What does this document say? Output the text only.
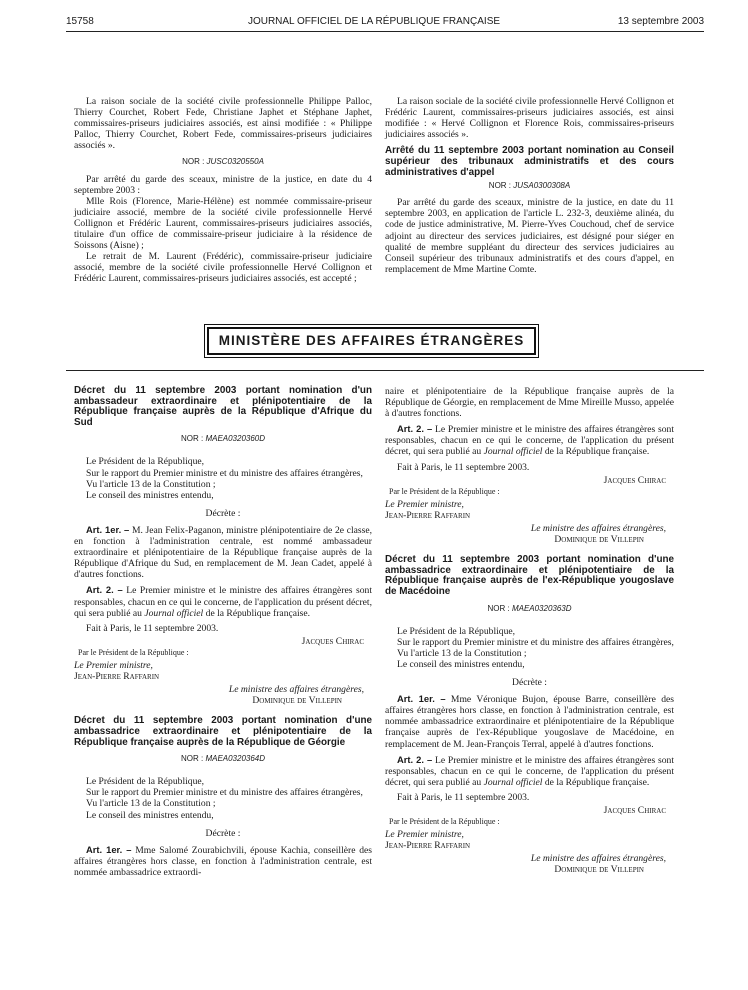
15758	JOURNAL OFFICIEL DE LA RÉPUBLIQUE FRANÇAISE	13 septembre 2003

La raison sociale de la société civile professionnelle Philippe Palloc, Thierry Courchet, Robert Fede, Christiane Japhet et Stéphane Japhet, commissaires-priseurs judiciaires associés, est ainsi modifiée : « Philippe Palloc, Thierry Courchet, Robert Fede, commissaires-priseurs judiciaires associés ».

NOR : JUSC0320550A

Par arrêté du garde des sceaux, ministre de la justice, en date du 4 septembre 2003 :

Mlle Rois (Florence, Marie-Hélène) est nommée commissaire-priseur judiciaire associé, membre de la société civile professionnelle Hervé Collignon et Frédéric Laurent, commissaires-priseurs judiciaires associés, titulaire d'un office de commissaire-priseur judiciaire à la résidence de Soissons (Aisne) ;

Le retrait de M. Laurent (Frédéric), commissaire-priseur judiciaire associé, membre de la société civile professionnelle Hervé Collignon et Frédéric Laurent, commissaires-priseurs judiciaires associés, est accepté ;

La raison sociale de la société civile professionnelle Hervé Collignon et Frédéric Laurent, commissaires-priseurs judiciaires associés, est ainsi modifiée : « Hervé Collignon et Florence Rois, commissaires-priseurs judiciaires associés ».

Arrêté du 11 septembre 2003 portant nomination au Conseil supérieur des tribunaux administratifs et des cours administratives d'appel

NOR : JUSA0300308A

Par arrêté du garde des sceaux, ministre de la justice, en date du 11 septembre 2003, en application de l'article L. 232-3, deuxième alinéa, du code de justice administrative, M. Pierre-Yves Couchoud, chef de service adjoint au directeur des services judiciaires, est désigné pour siéger en qualité de membre suppléant du directeur des services judiciaires au Conseil supérieur des tribunaux administratifs et des cours d'appel, en remplacement de Mme Martine Comte.

MINISTÈRE DES AFFAIRES ÉTRANGÈRES

Décret du 11 septembre 2003 portant nomination d'un ambassadeur extraordinaire et plénipotentiaire de la République française auprès de la République d'Afrique du Sud

NOR : MAEA0320360D

Le Président de la République,

Sur le rapport du Premier ministre et du ministre des affaires étrangères,

Vu l'article 13 de la Constitution ;

Le conseil des ministres entendu,

Décrète :

Art. 1er. – M. Jean Felix-Paganon, ministre plénipotentiaire de 2e classe, en fonction à l'administration centrale, est nommé ambassadeur extraordinaire et plénipotentiaire de la République française auprès de la République d'Afrique du Sud, en remplacement de M. Jean Cadet, appelé à d'autres fonctions.

Art. 2. – Le Premier ministre et le ministre des affaires étrangères sont responsables, chacun en ce qui le concerne, de l'application du présent décret, qui sera publié au Journal officiel de la République française.

Fait à Paris, le 11 septembre 2003.

Jacques Chirac

Par le Président de la République :

Le Premier ministre,

Jean-Pierre Raffarin

Le ministre des affaires étrangères,

Dominique de Villepin

Décret du 11 septembre 2003 portant nomination d'une ambassadrice extraordinaire et plénipotentiaire de la République française auprès de la République de Géorgie

NOR : MAEA0320364D

Le Président de la République,

Sur le rapport du Premier ministre et du ministre des affaires étrangères,

Vu l'article 13 de la Constitution ;

Le conseil des ministres entendu,

Décrète :

Art. 1er. – Mme Salomé Zourabichvili, épouse Kachia, conseillère des affaires étrangères hors classe, en fonction à l'administration centrale, est nommée ambassadrice extraordi-

naire et plénipotentiaire de la République française auprès de la République de Géorgie, en remplacement de Mme Mireille Musso, appelée à d'autres fonctions.

Art. 2. – Le Premier ministre et le ministre des affaires étrangères sont responsables, chacun en ce qui le concerne, de l'application du présent décret, qui sera publié au Journal officiel de la République française.

Fait à Paris, le 11 septembre 2003.

Jacques Chirac

Par le Président de la République :

Le Premier ministre,

Jean-Pierre Raffarin

Le ministre des affaires étrangères,

Dominique de Villepin

Décret du 11 septembre 2003 portant nomination d'une ambassadrice extraordinaire et plénipotentiaire de la République française auprès de l'ex-République yougoslave de Macédoine

NOR : MAEA0320363D

Le Président de la République,

Sur le rapport du Premier ministre et du ministre des affaires étrangères,

Vu l'article 13 de la Constitution ;

Le conseil des ministres entendu,

Décrète :

Art. 1er. – Mme Véronique Bujon, épouse Barre, conseillère des affaires étrangères hors classe, en fonction à l'administration centrale, est nommée ambassadrice extraordinaire et plénipotentiaire de la République française auprès de l'ex-République yougoslave de Macédoine, en remplacement de M. Jean-François Terral, appelé à d'autres fonctions.

Art. 2. – Le Premier ministre et le ministre des affaires étrangères sont responsables, chacun en ce qui le concerne, de l'application du présent décret, qui sera publié au Journal officiel de la République française.

Fait à Paris, le 11 septembre 2003.

Jacques Chirac

Par le Président de la République :

Le Premier ministre,

Jean-Pierre Raffarin

Le ministre des affaires étrangères,

Dominique de Villepin
